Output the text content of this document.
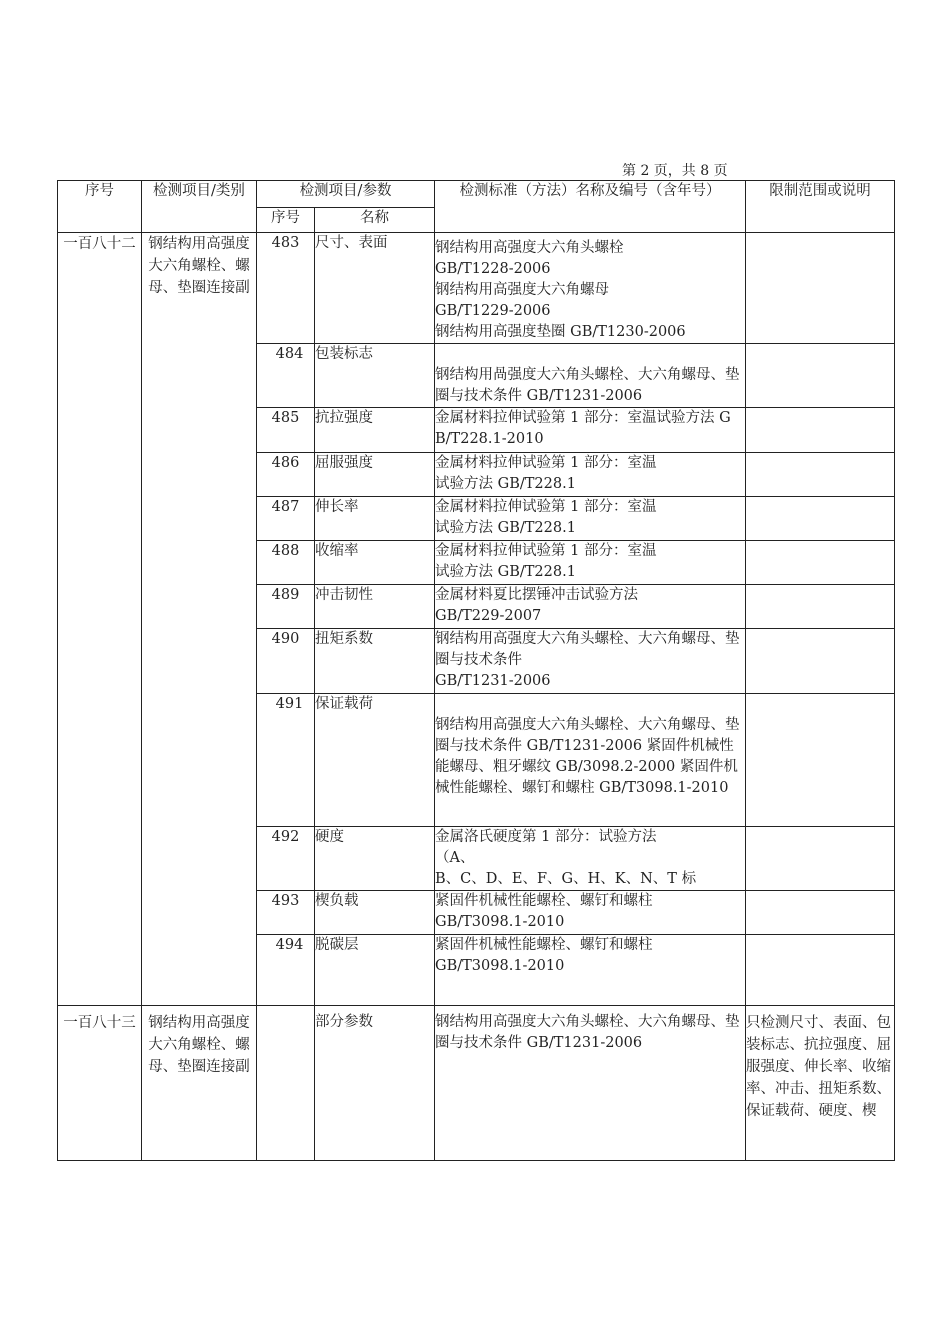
第 2 页，共 8 页
序号	检测项目/类别	检测项目/参数		检测标准（方法）名称及编号（含年号）	限制范围或说明
		序号	名称		
一百八十二	钢结构用高强度大六角螺栓、螺母、垫圈连接副	483	尺寸、表面	钢结构用高强度大六角头螺栓
GB/T1228-2006
钢结构用高强度大六角螺母
GB/T1229-2006
钢结构用高强度垫圈 GB/T1230-2006	

		484	包装标志	钢结构用咼强度大六角头螺栓、大六角螺母、垫圈与技术条件 GB/T1231-2006	

		485	抗拉强度	金属材料拉伸试验第 1 部分：室温试验方法 GB/T228.1-2010	

		486	屈服强度	金属材料拉伸试验第 1 部分：室温
试验方法 GB/T228.1	

		487	伸长率	金属材料拉伸试验第 1 部分：室温
试验方法 GB/T228.1	

		488	收缩率	金属材料拉伸试验第 1 部分：室温
试验方法 GB/T228.1	

		489	冲击韧性	金属材料夏比摆锤冲击试验方法
GB/T229-2007	

		490	扭矩系数	钢结构用高强度大六角头螺栓、大六角螺母、垫圈与技术条件
GB/T1231-2006	

		491	保证载荷	钢结构用高强度大六角头螺栓、大六角螺母、垫圈与技术条件 GB/T1231-2006 紧固件机械性能螺母、粗牙螺纹 GB/3098.2-2000 紧固件机械性能螺栓、螺钉和螺柱 GB/T3098.1-2010	

		492	硬度	金属洛氏硬度第 1 部分：试验方法
（A、
B、C、D、E、F、G、H、K、N、T 标	

		493	楔负载	紧固件机械性能螺栓、螺钉和螺柱
GB/T3098.1-2010	

		494	脱碳层	紧固件机械性能螺栓、螺钉和螺柱
GB/T3098.1-2010	

一百八十三	钢结构用高强度大六角螺栓、螺母、垫圈连接副		部分参数	钢结构用高强度大六角头螺栓、大六角螺母、垫圈与技术条件 GB/T1231-2006	只检测尺寸、表面、包装标志、抗拉强度、屈服强度、伸长率、收缩率、冲击、扭矩系数、保证载荷、硬度、楔
